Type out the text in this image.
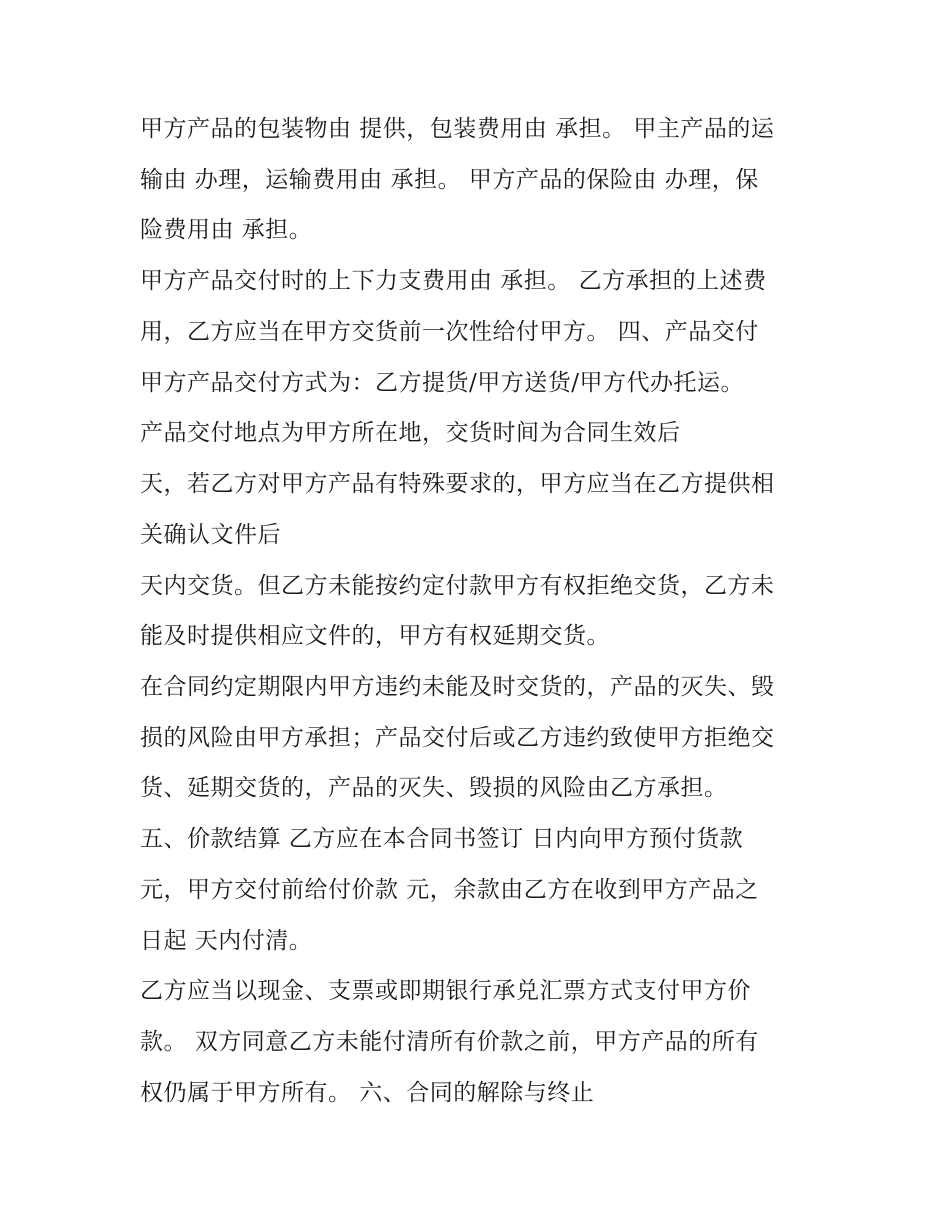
甲方产品的包装物由 提供，包装费用由 承担。 甲主产品的运
输由 办理，运输费用由 承担。 甲方产品的保险由 办理，保
险费用由 承担。
甲方产品交付时的上下力支费用由 承担。 乙方承担的上述费
用，乙方应当在甲方交货前一次性给付甲方。 四、产品交付
甲方产品交付方式为：乙方提货/甲方送货/甲方代办托运。
产品交付地点为甲方所在地，交货时间为合同生效后
天，若乙方对甲方产品有特殊要求的，甲方应当在乙方提供相
关确认文件后
天内交货。但乙方未能按约定付款甲方有权拒绝交货，乙方未
能及时提供相应文件的，甲方有权延期交货。
在合同约定期限内甲方违约未能及时交货的，产品的灭失、毁
损的风险由甲方承担；产品交付后或乙方违约致使甲方拒绝交
货、延期交货的，产品的灭失、毁损的风险由乙方承担。
五、价款结算 乙方应在本合同书签订 日内向甲方预付货款
元，甲方交付前给付价款 元，余款由乙方在收到甲方产品之
日起 天内付清。
乙方应当以现金、支票或即期银行承兑汇票方式支付甲方价
款。 双方同意乙方未能付清所有价款之前，甲方产品的所有
权仍属于甲方所有。 六、合同的解除与终止
